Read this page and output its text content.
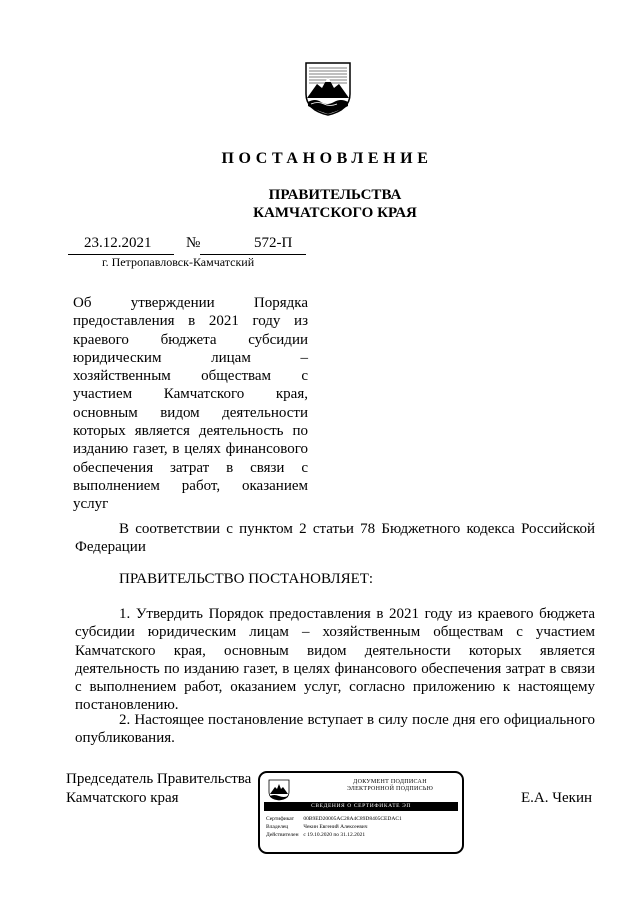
ПОСТАНОВЛЕНИЕ
ПРАВИТЕЛЬСТВА
КАМЧАТСКОГО КРАЯ
23.12.2021 №	572-П
г. Петропавловск-Камчатский
Об утверждении Порядка предоставления в 2021 году из краевого бюджета субсидии юридическим лицам – хозяйственным обществам с участием Камчатского края, основным видом деятельности которых является деятельность по изданию газет, в целях финансового обеспечения затрат в связи с выполнением работ, оказанием услуг
В соответствии с пунктом 2 статьи 78 Бюджетного кодекса Российской Федерации
ПРАВИТЕЛЬСТВО ПОСТАНОВЛЯЕТ:
1. Утвердить Порядок предоставления в 2021 году из краевого бюджета субсидии юридическим лицам – хозяйственным обществам с участием Камчатского края, основным видом деятельности которых является деятельность по изданию газет, в целях финансового обеспечения затрат в связи с выполнением работ, оказанием услуг, согласно приложению к настоящему постановлению.
2. Настоящее постановление вступает в силу после дня его официального опубликования.
Председатель Правительства
Камчатского края	Е.А. Чекин
ДОКУМЕНТ ПОДПИСАН
ЭЛЕКТРОННОЙ ПОДПИСЬЮ
СВЕДЕНИЯ О СЕРТИФИКАТЕ ЭП
Сертификат 00B9ED20005AC28A4C89D8405CEDAC1
Владелец	Чекин Евгений Алексеевич
Действителен с 19.10.2020 по 31.12.2021
